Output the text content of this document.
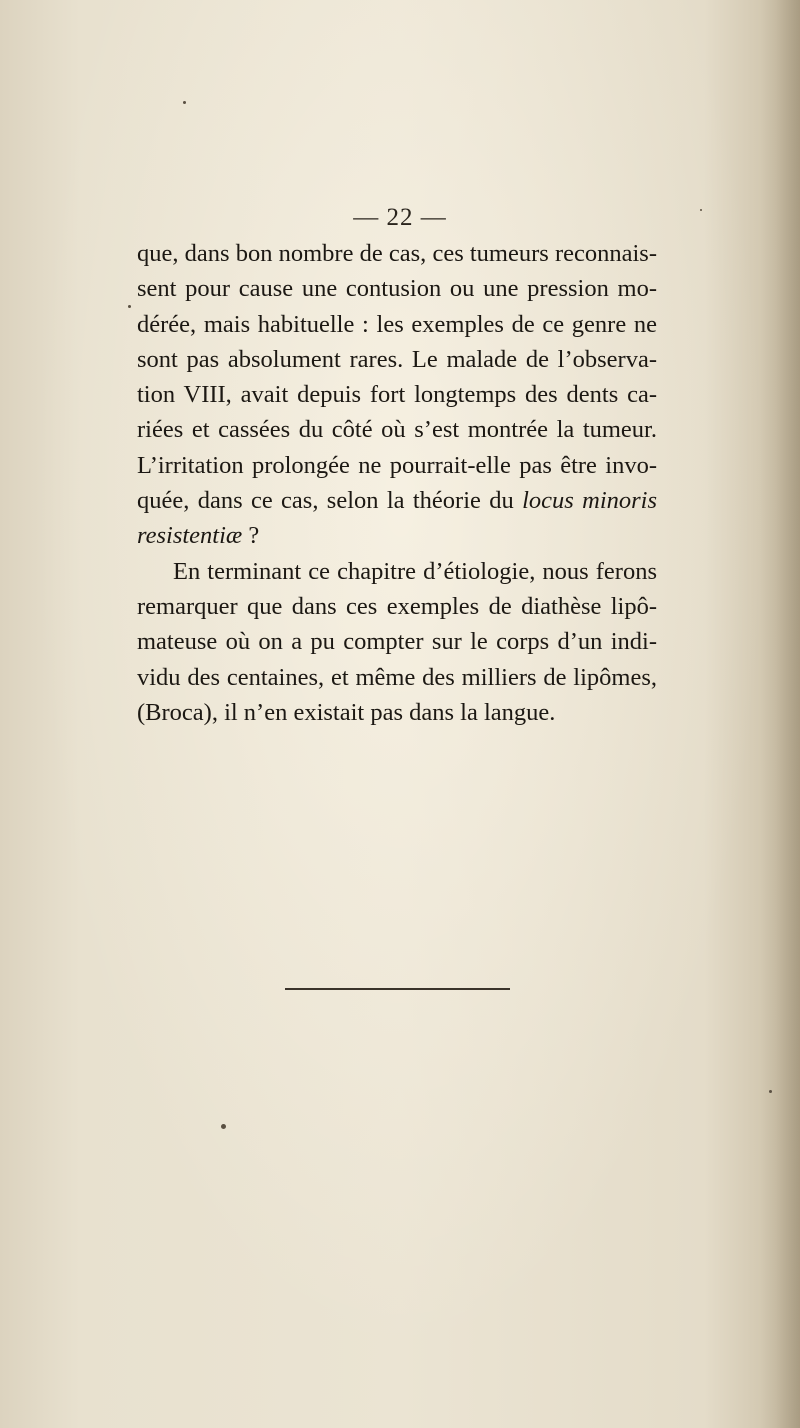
— 22 —
que, dans bon nombre de cas, ces tumeurs reconnais-
sent pour cause une contusion ou une pression mo-
dérée, mais habituelle : les exemples de ce genre ne
sont pas absolument rares. Le malade de l’observa-
tion VIII, avait depuis fort longtemps des dents ca-
riées et cassées du côté où s’est montrée la tumeur.
L’irritation prolongée ne pourrait-elle pas être invo-
quée, dans ce cas, selon la théorie du locus minoris
resistentiæ ?
En terminant ce chapitre d’étiologie, nous ferons
remarquer que dans ces exemples de diathèse lipô-
mateuse où on a pu compter sur le corps d’un indi-
vidu des centaines, et même des milliers de lipômes,
(Broca), il n’en existait pas dans la langue.
